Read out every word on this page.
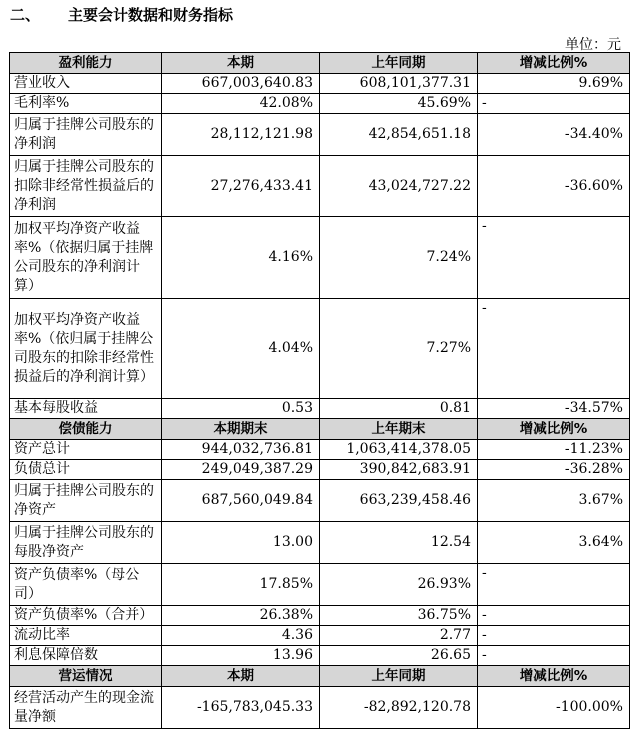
二、 主要会计数据和财务指标
单位：元
盈利能力	本期	上年同期	增减比例%
营业收入	667,003,640.83	608,101,377.31	9.69%
毛利率%	42.08%	45.69%	-
归属于挂牌公司股东的净利润	28,112,121.98	42,854,651.18	-34.40%
归属于挂牌公司股东的扣除非经常性损益后的净利润	27,276,433.41	43,024,727.22	-36.60%
加权平均净资产收益率%（依据归属于挂牌公司股东的净利润计算）	4.16%	7.24%	-
加权平均净资产收益率%（依归属于挂牌公司股东的扣除非经常性损益后的净利润计算）	4.04%	7.27%	-
基本每股收益	0.53	0.81	-34.57%
偿债能力	本期期末	上年期末	增减比例%
资产总计	944,032,736.81	1,063,414,378.05	-11.23%
负债总计	249,049,387.29	390,842,683.91	-36.28%
归属于挂牌公司股东的净资产	687,560,049.84	663,239,458.46	3.67%
归属于挂牌公司股东的每股净资产	13.00	12.54	3.64%
资产负债率%（母公司）	17.85%	26.93%	-
资产负债率%（合并）	26.38%	36.75%	-
流动比率	4.36	2.77	-
利息保障倍数	13.96	26.65	-
营运情况	本期	上年同期	增减比例%
经营活动产生的现金流量净额	-165,783,045.33	-82,892,120.78	-100.00%
